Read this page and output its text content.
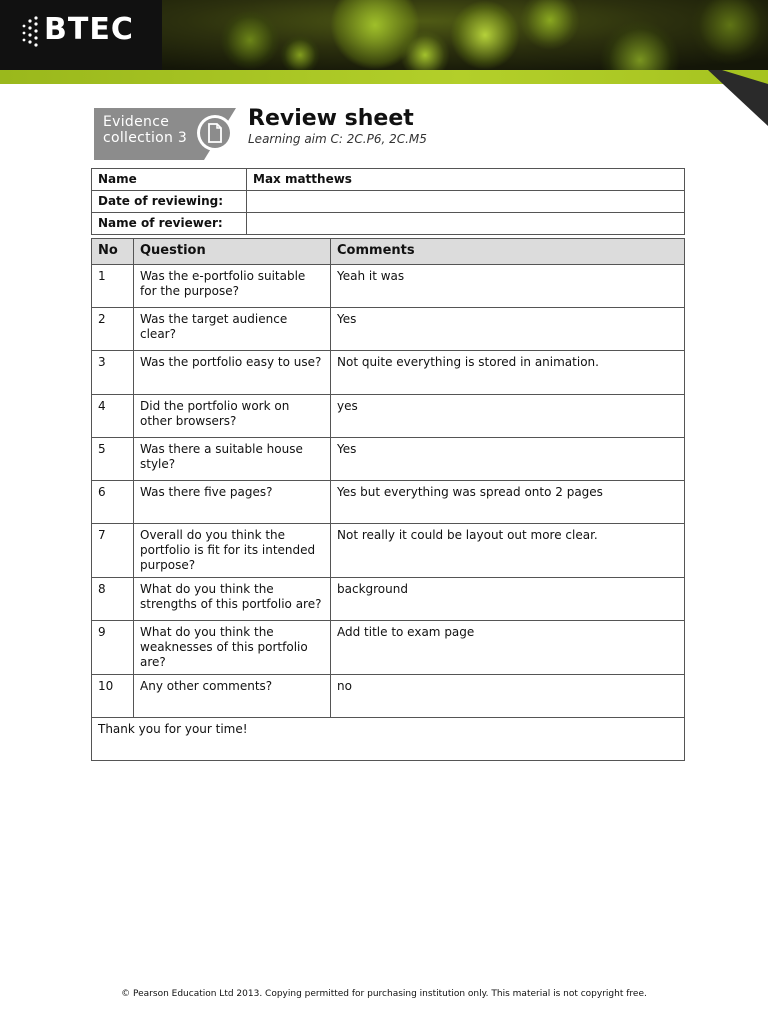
BTEC
Evidence
collection 3
Review sheet
Learning aim C: 2C.P6, 2C.M5
Name	Max matthews
Date of reviewing:	
Name of reviewer:	
No	Question	Comments
1	Was the e-portfolio suitable for the purpose?	Yeah it was
2	Was the target audience clear?	Yes
3	Was the portfolio easy to use?	Not quite everything is stored in animation.
4	Did the portfolio work on other browsers?	yes
5	Was there a suitable house style?	Yes
6	Was there five pages?	Yes but everything was spread onto 2 pages
7	Overall do you think the portfolio is fit for its intended purpose?	Not really it could be layout out more clear.
8	What do you think the strengths of this portfolio are?	background
9	What do you think the weaknesses of this portfolio are?	Add title to exam page
10	Any other comments?	no
Thank you for your time!		
© Pearson Education Ltd 2013. Copying permitted for purchasing institution only. This material is not copyright free.
